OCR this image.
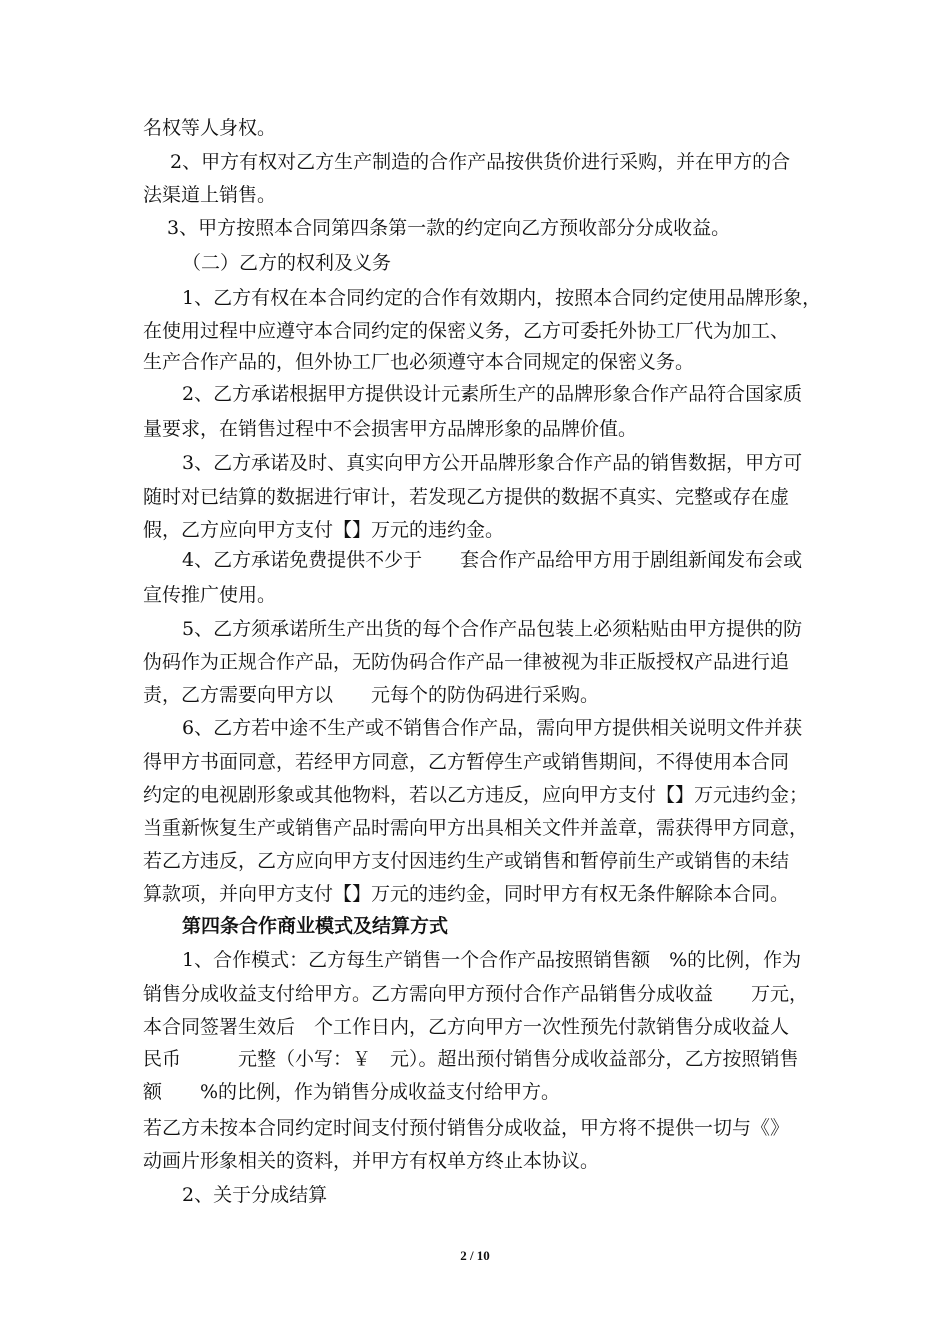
名权等人身权。
2、甲方有权对乙方生产制造的合作产品按供货价进行采购，并在甲方的合
法渠道上销售。
3、甲方按照本合同第四条第一款的约定向乙方预收部分分成收益。
（二）乙方的权利及义务
1、乙方有权在本合同约定的合作有效期内，按照本合同约定使用品牌形象，
在使用过程中应遵守本合同约定的保密义务，乙方可委托外协工厂代为加工、
生产合作产品的，但外协工厂也必须遵守本合同规定的保密义务。
2、乙方承诺根据甲方提供设计元素所生产的品牌形象合作产品符合国家质
量要求，在销售过程中不会损害甲方品牌形象的品牌价值。
3、乙方承诺及时、真实向甲方公开品牌形象合作产品的销售数据，甲方可
随时对已结算的数据进行审计，若发现乙方提供的数据不真实、完整或存在虚
假，乙方应向甲方支付【】万元的违约金。
4、乙方承诺免费提供不少于　　套合作产品给甲方用于剧组新闻发布会或
宣传推广使用。
5、乙方须承诺所生产出货的每个合作产品包装上必须粘贴由甲方提供的防
伪码作为正规合作产品，无防伪码合作产品一律被视为非正版授权产品进行追
责，乙方需要向甲方以　　元每个的防伪码进行采购。
6、乙方若中途不生产或不销售合作产品，需向甲方提供相关说明文件并获
得甲方书面同意，若经甲方同意，乙方暂停生产或销售期间，不得使用本合同
约定的电视剧形象或其他物料，若以乙方违反，应向甲方支付【】万元违约金；
当重新恢复生产或销售产品时需向甲方出具相关文件并盖章，需获得甲方同意，
若乙方违反，乙方应向甲方支付因违约生产或销售和暂停前生产或销售的未结
算款项，并向甲方支付【】万元的违约金，同时甲方有权无条件解除本合同。
第四条合作商业模式及结算方式
1、合作模式：乙方每生产销售一个合作产品按照销售额　%的比例，作为
销售分成收益支付给甲方。乙方需向甲方预付合作产品销售分成收益　　万元，
本合同签署生效后　个工作日内，乙方向甲方一次性预先付款销售分成收益人
民币　　　元整（小写：￥　元）。超出预付销售分成收益部分，乙方按照销售
额　　%的比例，作为销售分成收益支付给甲方。
若乙方未按本合同约定时间支付预付销售分成收益，甲方将不提供一切与《》
动画片形象相关的资料，并甲方有权单方终止本协议。
2、关于分成结算
2 / 10
